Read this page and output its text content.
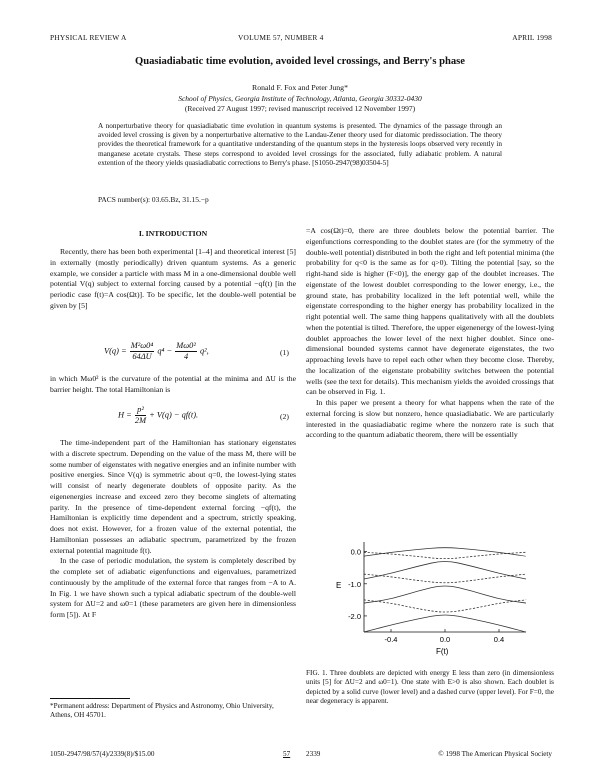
PHYSICAL REVIEW A	VOLUME 57, NUMBER 4	APRIL 1998
Quasiadiabatic time evolution, avoided level crossings, and Berry's phase
Ronald F. Fox and Peter Jung*
School of Physics, Georgia Institute of Technology, Atlanta, Georgia 30332-0430
(Received 27 August 1997; revised manuscript received 12 November 1997)
A nonperturbative theory for quasiadiabatic time evolution in quantum systems is presented. The dynamics of the passage through an avoided level crossing is given by a nonperturbative alternative to the Landau-Zener theory used for diatomic predissociation. The theory provides the theoretical framework for a quantitative understanding of the quantum steps in the hysteresis loops observed very recently in manganese acetate crystals. These steps correspond to avoided level crossings for the associated, fully adiabatic problem. A natural extention of the theory yields quasiadiabatic corrections to Berry's phase. [S1050-2947(98)03504-5]
PACS number(s): 03.65.Bz, 31.15.−p
I. INTRODUCTION

Recently, there has been both experimental [1–4] and theoretical interest [5] in externally (mostly periodically) driven quantum systems. As a generic example, we consider a particle with mass M in a one-dimensional double well potential V(q) subject to external forcing caused by a potential −qf(t) [in the periodic case f(t)=A cos(Ωt)]. To be specific, let the double-well potential be given by [5]

$V(q) = \frac{\text{M²ω0⁴}}{64\Delta U} q^4 - \frac{\text{Mω0²}}{4} q^2$,	(1)

in which Mω0² is the curvature of the potential at the minima and ΔU is the barrier height. The total Hamiltonian is

$H = \frac{\text{p²}}{2M} + V(q) - qf(t)$.	(2)

The time-independent part of the Hamiltonian has stationary eigenstates with a discrete spectrum. Depending on the value of the mass M, there will be some number of eigenstates with negative energies and an infinite number with positive energies. Since V(q) is symmetric about q=0, the lowest-lying states will consist of nearly degenerate doublets of opposite parity. As the eigenenergies increase and exceed zero they become singlets of alternating parity. In the presence of time-dependent external forcing −qf(t), the Hamiltonian is explicitly time dependent and a spectrum, strictly speaking, does not exist. However, for a frozen value of the external potential, the Hamiltonian possesses an adiabatic spectrum, parametrized by the frozen external potential magnitude f(t).

In the case of periodic modulation, the system is completely described by the complete set of adiabatic eigenfunctions and eigenvalues, parametrized continuously by the amplitude of the external force that ranges from −A to A. In Fig. 1 we have shown such a typical adiabatic spectrum of the double-well system for ΔU=2 and ω0=1 (these parameters are given here in dimensionless form [5]). At F

*Permanent address: Department of Physics and Astronomy, Ohio University, Athens, OH 45701.

=A cos(Ωt)=0, there are three doublets below the potential barrier. The eigenfunctions corresponding to the doublet states are (for the symmetry of the double-well potential) distributed in both the right and left potential minima (the probability for q<0 is the same as for q>0). Tilting the potential [say, so the right-hand side is higher (F<0)], the energy gap of the doublet increases. The eigenstate of the lowest doublet corresponding to the lower energy, i.e., the ground state, has probability localized in the left potential well, while the eigenstate corresponding to the higher energy has probability localized in the right potential well. The same thing happens qualitatively with all the doublets when the potential is tilted. Therefore, the upper eigenenergy of the lowest-lying doublet approaches the lower level of the next higher doublet. Since one-dimensional bounded systems cannot have degenerate eigenstates, the two approaching levels have to repel each other when they become close. Thereby, the localization of the eigenstate probability switches between the potential wells (see the text for details). This mechanism yields the avoided crossings that can be observed in Fig. 1.

In this paper we present a theory for what happens when the rate of the external forcing is slow but nonzero, hence quasiadiabatic. We are particularly interested in the quasiadiabatic regime where the nonzero rate is such that according to the quantum adiabatic theorem, there will be essentially

0.0
-1.0
-2.0
-0.4	0.0	0.4
E
F(t)
FIG. 1. Three doublets are depicted with energy E less than zero (in dimensionless units [5] for ΔU=2 and ω0=1). One state with E>0 is also shown. Each doublet is depicted by a solid curve (lower level) and a dashed curve (upper level). For F=0, the near degeneracy is apparent.
1050-2947/98/57(4)/2339(8)/$15.00	57 2339	© 1998 The American Physical Society
